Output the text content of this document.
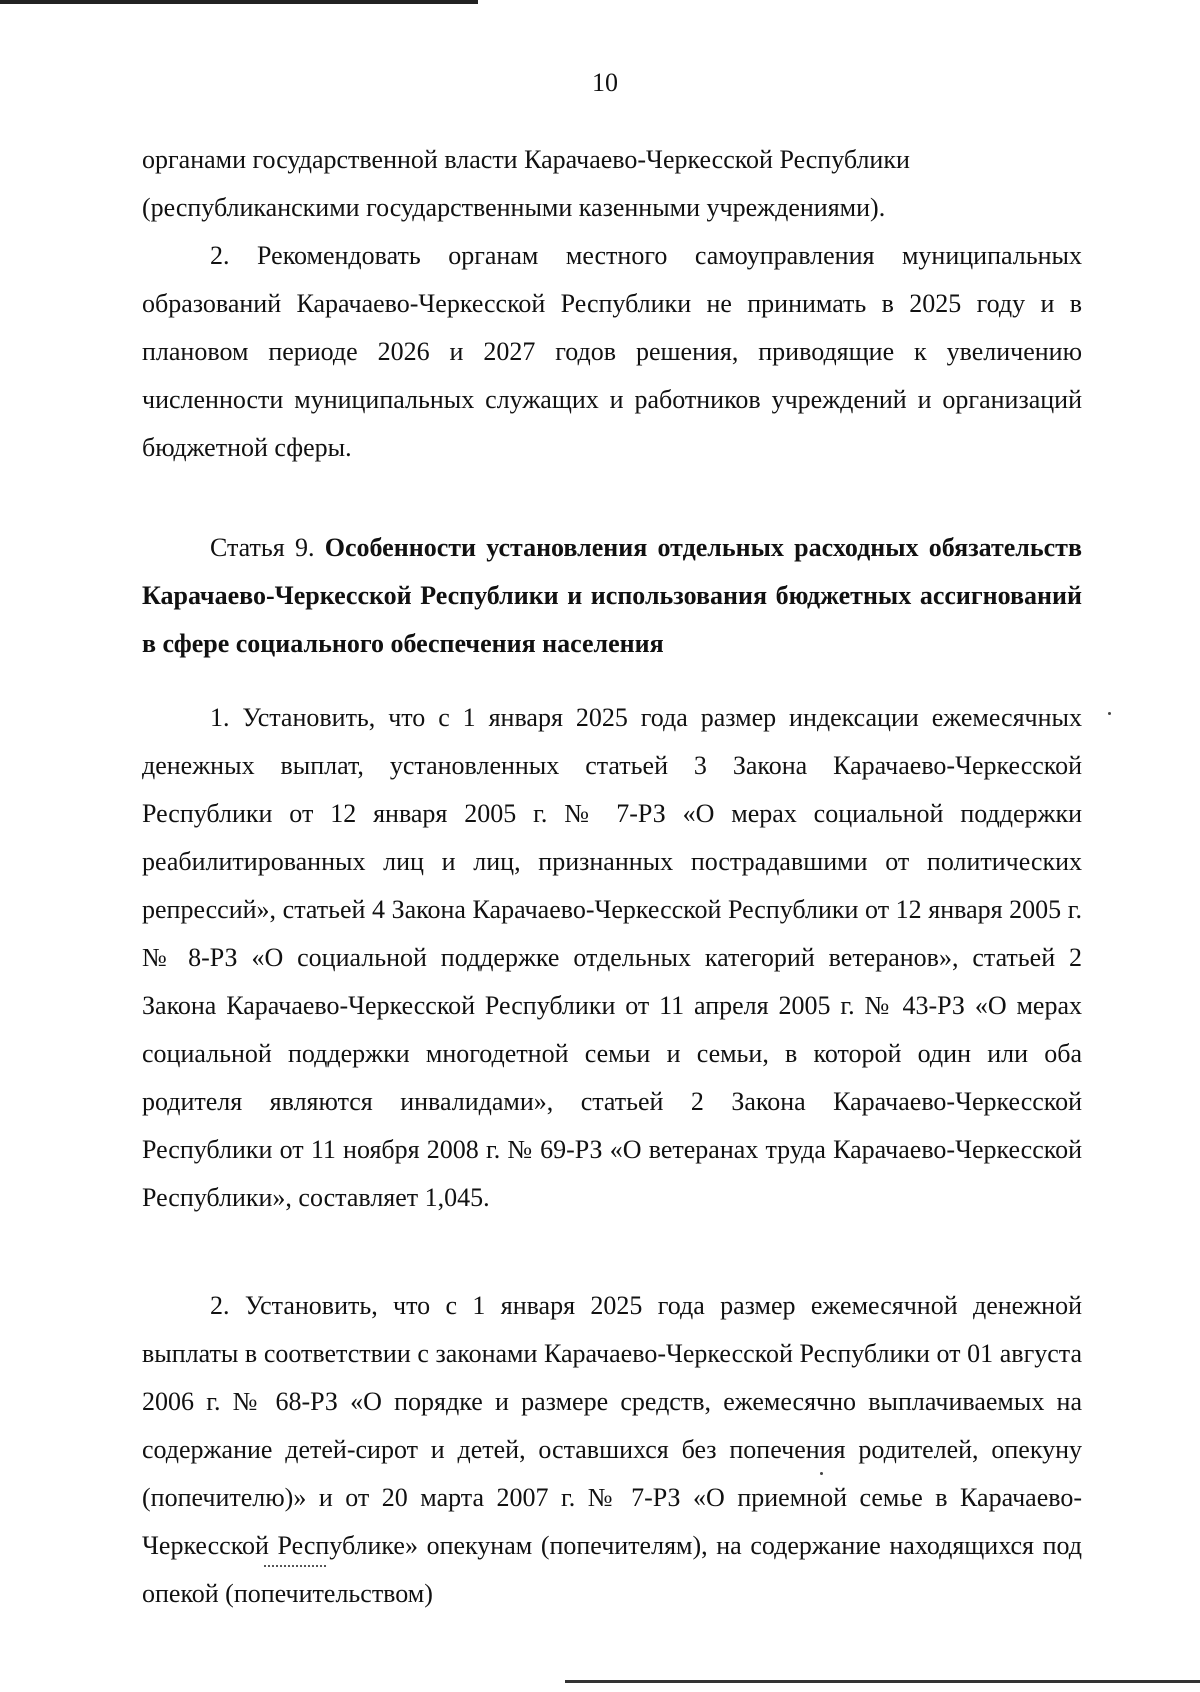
10

органами государственной власти Карачаево-Черкесской Республики

(республиканскими государственными казенными учреждениями).

2. Рекомендовать органам местного самоуправления муниципальных образований Карачаево-Черкесской Республики не принимать в 2025 году и в плановом периоде 2026 и 2027 годов решения, приводящие к увеличению численности муниципальных служащих и работников учреждений и организаций бюджетной сферы.

Статья 9. Особенности установления отдельных расходных обязательств Карачаево-Черкесской Республики и использования бюджетных ассигнований в сфере социального обеспечения населения

1. Установить, что с 1 января 2025 года размер индексации ежемесячных денежных выплат, установленных статьей 3 Закона Карачаево-Черкесской Республики от 12 января 2005 г. № 7-РЗ «О мерах социальной поддержки реабилитированных лиц и лиц, признанных пострадавшими от политических репрессий», статьей 4 Закона Карачаево-Черкесской Республики от 12 января 2005 г. № 8-РЗ «О социальной поддержке отдельных категорий ветеранов», статьей 2 Закона Карачаево-Черкесской Республики от 11 апреля 2005 г. № 43-РЗ «О мерах социальной поддержки многодетной семьи и семьи, в которой один или оба родителя являются инвалидами», статьей 2 Закона Карачаево-Черкесской Республики от 11 ноября 2008 г. № 69-РЗ «О ветеранах труда Карачаево-Черкесской Республики», составляет 1,045.

2. Установить, что с 1 января 2025 года размер ежемесячной денежной выплаты в соответствии с законами Карачаево-Черкесской Республики от 01 августа 2006 г. № 68-РЗ «О порядке и размере средств, ежемесячно выплачиваемых на содержание детей-сирот и детей, оставшихся без попечения родителей, опекуну (попечителю)» и от 20 марта 2007 г. № 7-РЗ «О приемной семье в Карачаево-Черкесской Республике» опекунам (попечителям), на содержание находящихся под опекой (попечительством)
